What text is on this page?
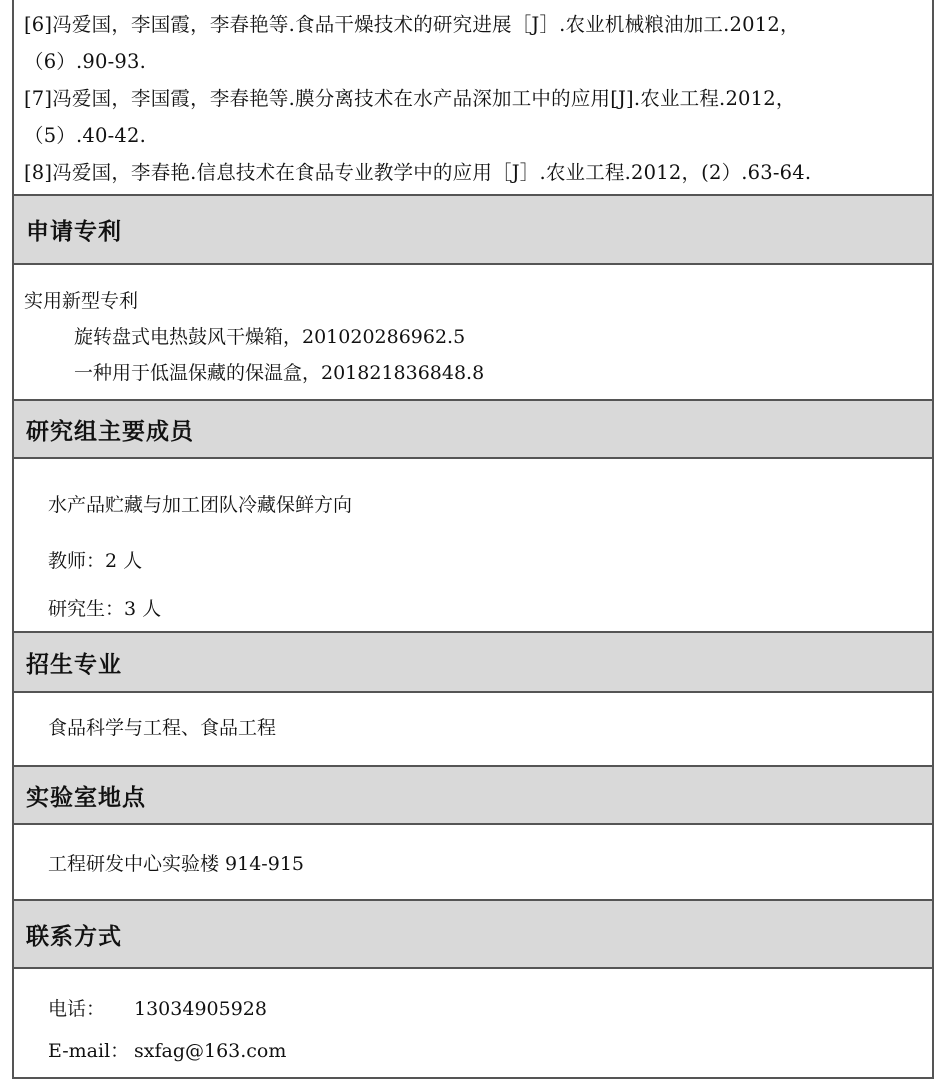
[6]冯爱国，李国霞，李春艳等.食品干燥技术的研究进展［J］.农业机械粮油加工.2012，
（6）.90-93.
[7]冯爱国，李国霞，李春艳等.膜分离技术在水产品深加工中的应用[J].农业工程.2012，
（5）.40-42.
[8]冯爱国，李春艳.信息技术在食品专业教学中的应用［J］.农业工程.2012，(2）.63-64.
申请专利
实用新型专利
旋转盘式电热鼓风干燥箱，201020286962.5
一种用于低温保藏的保温盒，201821836848.8
研究组主要成员
水产品贮藏与加工团队冷藏保鲜方向
教师：2 人
研究生：3 人
招生专业
食品科学与工程、食品工程
实验室地点
工程研发中心实验楼 914-915
联系方式
电话： 13034905928
E-mail： sxfag@163.com
